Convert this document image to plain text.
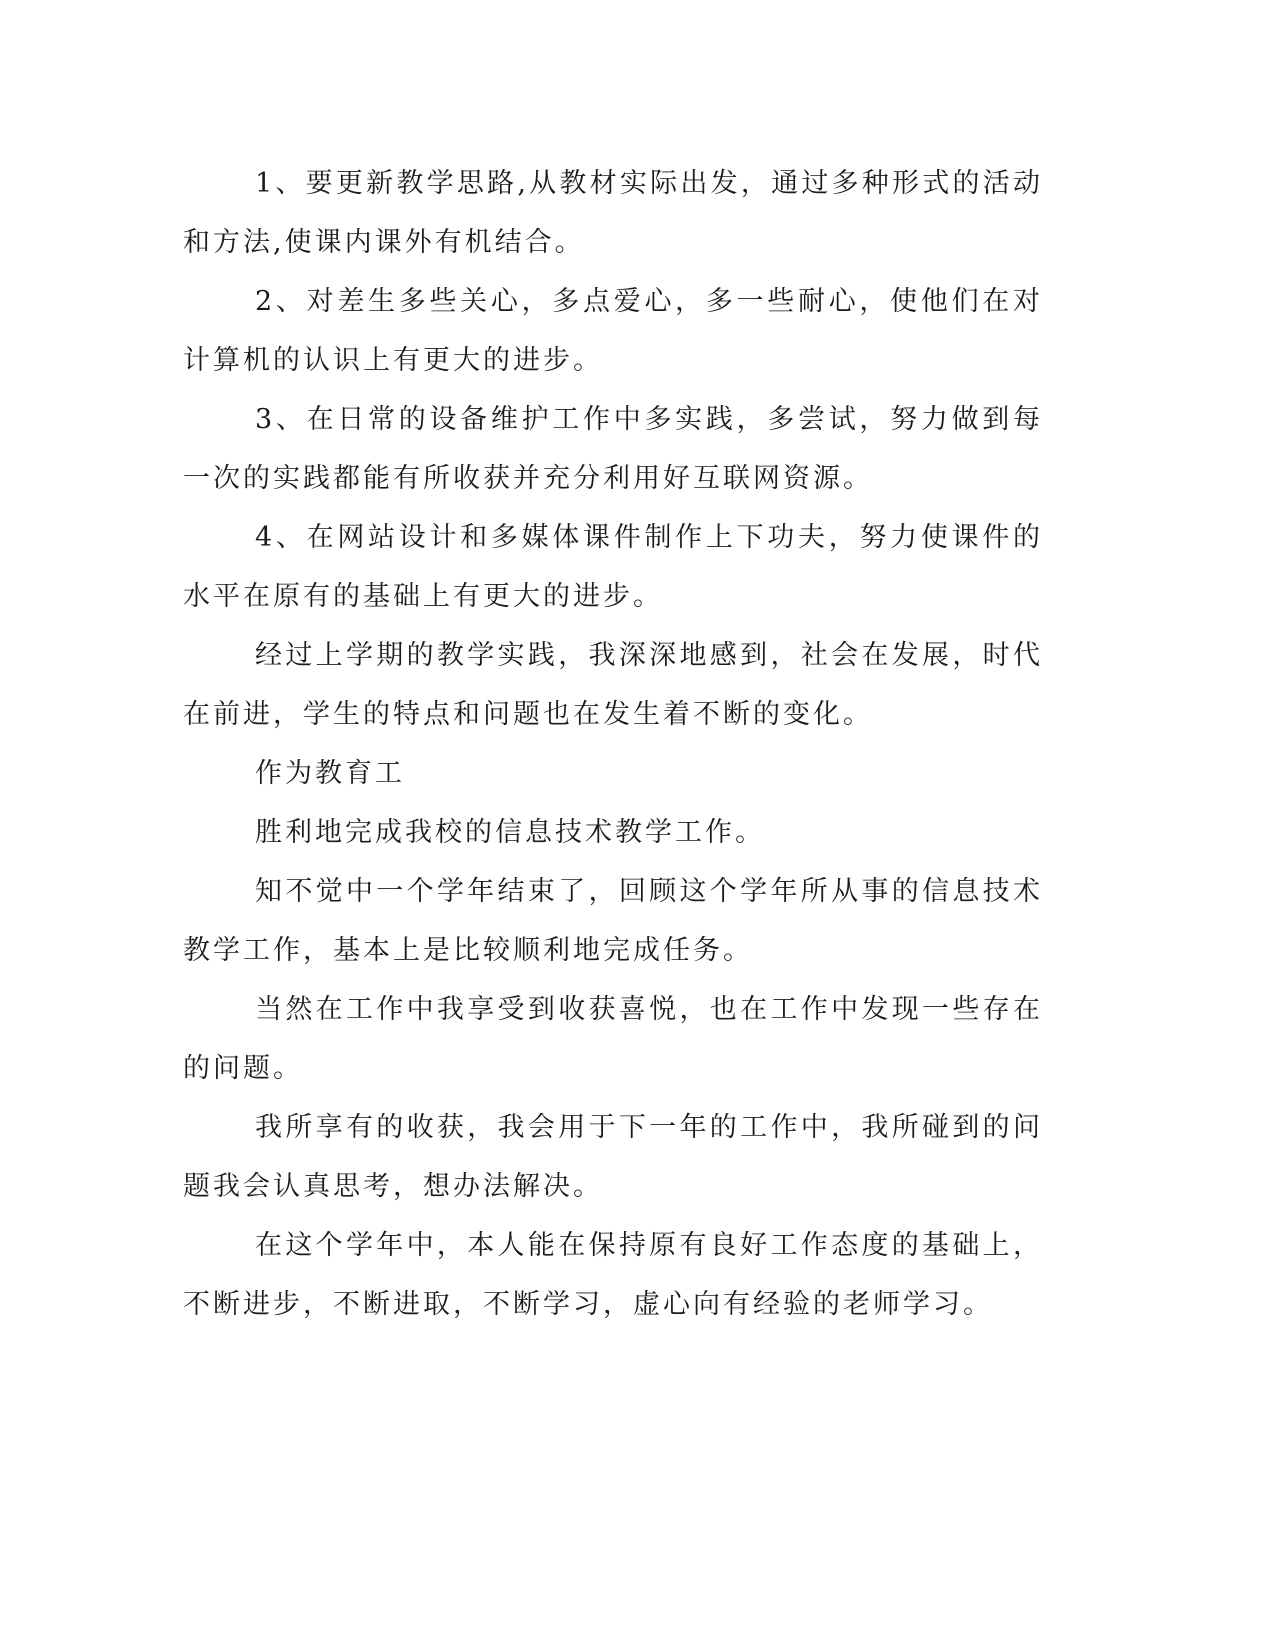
1、要更新教学思路,从教材实际出发，通过多种形式的活动和方法,使课内课外有机结合。

2、对差生多些关心，多点爱心，多一些耐心，使他们在对计算机的认识上有更大的进步。

3、在日常的设备维护工作中多实践，多尝试，努力做到每一次的实践都能有所收获并充分利用好互联网资源。

4、在网站设计和多媒体课件制作上下功夫，努力使课件的水平在原有的基础上有更大的进步。

经过上学期的教学实践，我深深地感到，社会在发展，时代在前进，学生的特点和问题也在发生着不断的变化。

作为教育工

胜利地完成我校的信息技术教学工作。

知不觉中一个学年结束了，回顾这个学年所从事的信息技术教学工作，基本上是比较顺利地完成任务。

当然在工作中我享受到收获喜悦，也在工作中发现一些存在的问题。

我所享有的收获，我会用于下一年的工作中，我所碰到的问题我会认真思考，想办法解决。

在这个学年中，本人能在保持原有良好工作态度的基础上，不断进步，不断进取，不断学习，虚心向有经验的老师学习。
